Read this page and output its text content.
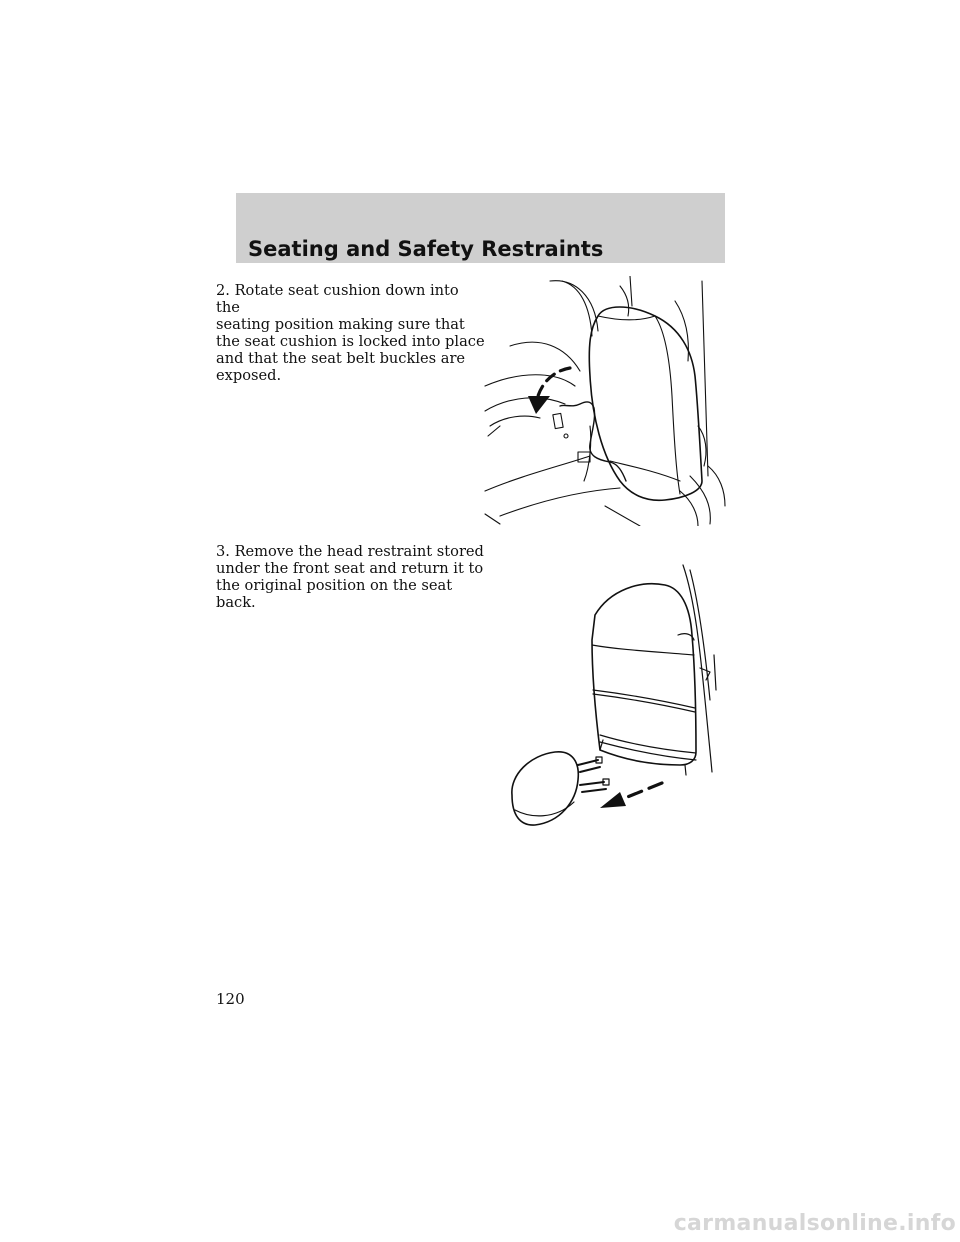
Seating and Safety Restraints

2. Rotate seat cushion down into the
seating position making sure that
the seat cushion is locked into place
and that the seat belt buckles are
exposed.

3. Remove the head restraint stored
under the front seat and return it to
the original position on the seat
back.

120
carmanualsonline.info
